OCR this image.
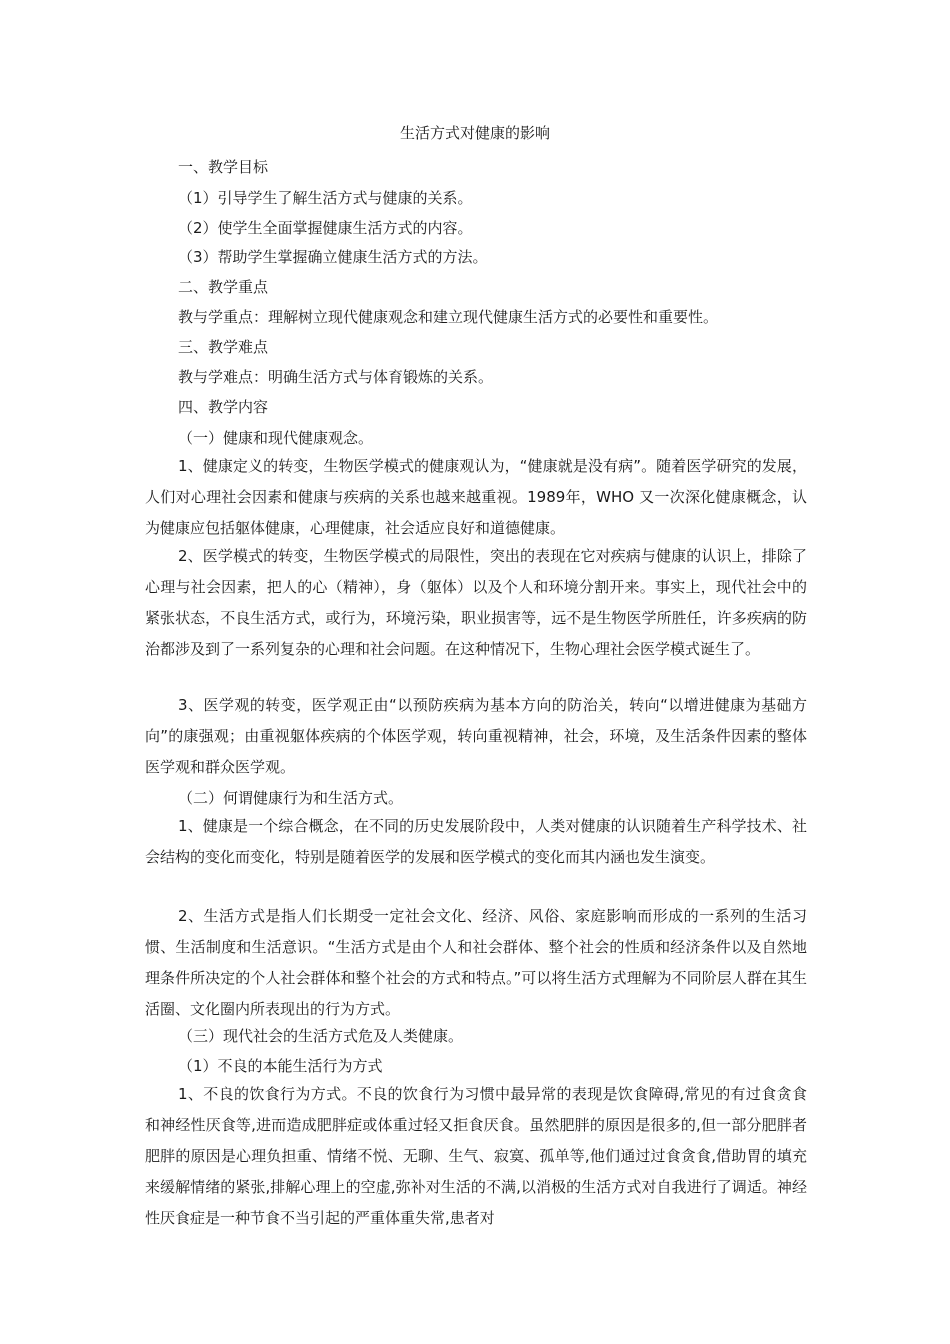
生活方式对健康的影响
一、教学目标
（1）引导学生了解生活方式与健康的关系。
（2）使学生全面掌握健康生活方式的内容。
（3）帮助学生掌握确立健康生活方式的方法。
二、教学重点
教与学重点：理解树立现代健康观念和建立现代健康生活方式的必要性和重要性。
三、教学难点
教与学难点：明确生活方式与体育锻炼的关系。
四、教学内容
（一）健康和现代健康观念。
1、健康定义的转变，生物医学模式的健康观认为，“健康就是没有病”。随着医学研究的发展，人们对心理社会因素和健康与疾病的关系也越来越重视。1989年，WHO 又一次深化健康概念，认为健康应包括躯体健康，心理健康，社会适应良好和道德健康。
2、医学模式的转变，生物医学模式的局限性，突出的表现在它对疾病与健康的认识上，排除了心理与社会因素，把人的心（精神），身（躯体）以及个人和环境分割开来。事实上，现代社会中的紧张状态，不良生活方式，或行为，环境污染，职业损害等，远不是生物医学所胜任，许多疾病的防治都涉及到了一系列复杂的心理和社会问题。在这种情况下，生物心理社会医学模式诞生了。
3、医学观的转变，医学观正由“以预防疾病为基本方向的防治关，转向“以增进健康为基础方向”的康强观；由重视躯体疾病的个体医学观，转向重视精神，社会，环境，及生活条件因素的整体医学观和群众医学观。
（二）何谓健康行为和生活方式。
1、健康是一个综合概念，在不同的历史发展阶段中，人类对健康的认识随着生产科学技术、社会结构的变化而变化，特别是随着医学的发展和医学模式的变化而其内涵也发生演变。
2、生活方式是指人们长期受一定社会文化、经济、风俗、家庭影响而形成的一系列的生活习惯、生活制度和生活意识。“生活方式是由个人和社会群体、整个社会的性质和经济条件以及自然地理条件所决定的个人社会群体和整个社会的方式和特点。”可以将生活方式理解为不同阶层人群在其生活圈、文化圈内所表现出的行为方式。
（三）现代社会的生活方式危及人类健康。
（1）不良的本能生活行为方式
1、不良的饮食行为方式。不良的饮食行为习惯中最异常的表现是饮食障碍,常见的有过食贪食和神经性厌食等,进而造成肥胖症或体重过轻又拒食厌食。虽然肥胖的原因是很多的,但一部分肥胖者肥胖的原因是心理负担重、情绪不悦、无聊、生气、寂寞、孤单等,他们通过过食贪食,借助胃的填充来缓解情绪的紧张,排解心理上的空虚,弥补对生活的不满,以消极的生活方式对自我进行了调适。神经性厌食症是一种节食不当引起的严重体重失常,患者对
